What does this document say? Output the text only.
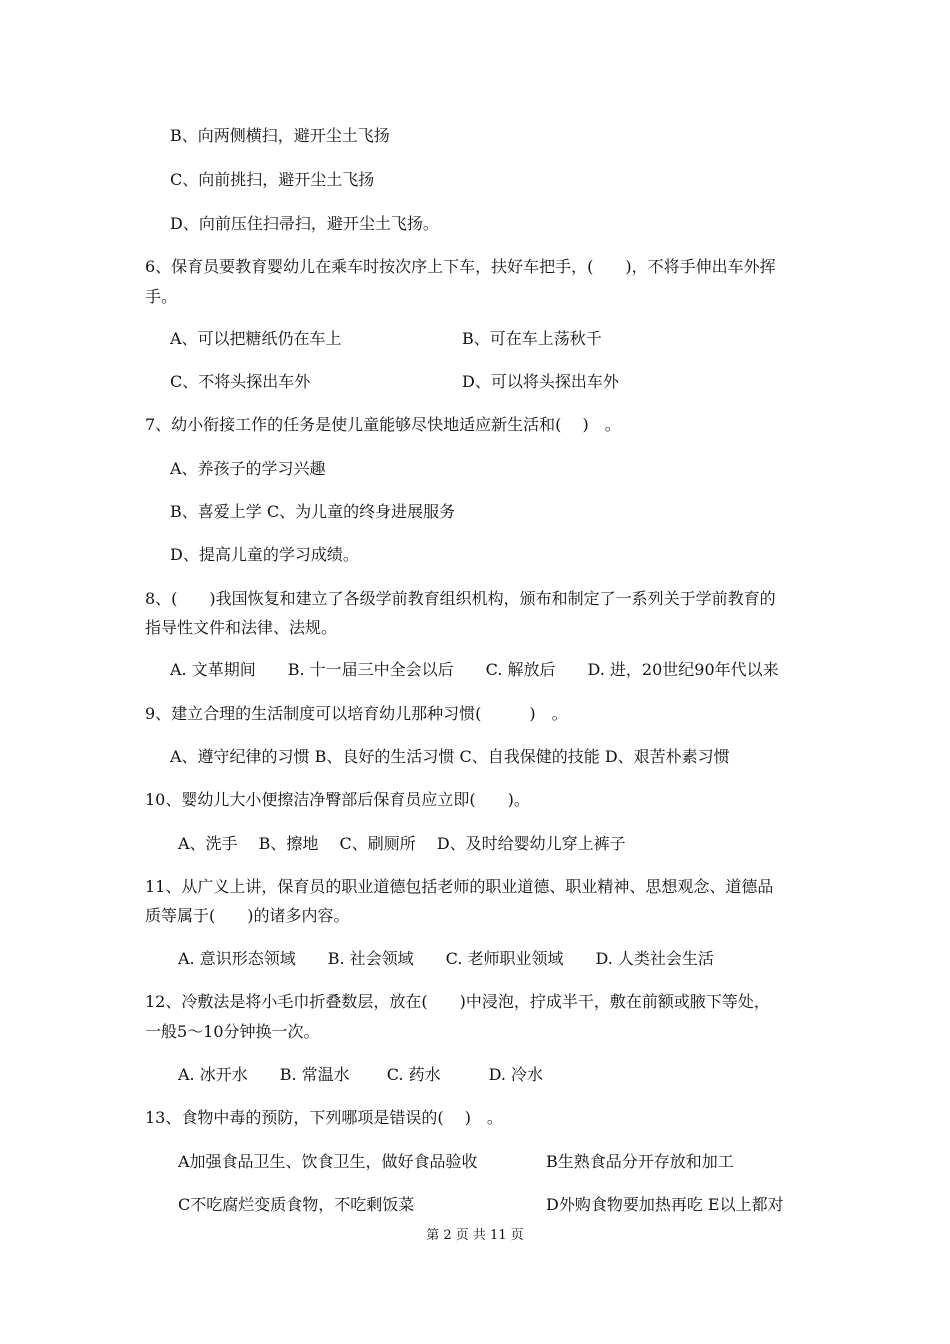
B、向两侧横扫，避开尘土飞扬

C、向前挑扫，避开尘土飞扬

D、向前压住扫帚扫，避开尘土飞扬。

6、保育员要教育婴幼儿在乘车时按次序上下车，扶好车把手，(　　)，不将手伸出车外挥

手。

A、可以把糖纸仍在车上	B、可在车上荡秋千

C、不将头探出车外	D、可以将头探出车外

7、幼小衔接工作的任务是使儿童能够尽快地适应新生活和(　 )　。

A、养孩子的学习兴趣

B、喜爱上学 C、为儿童的终身进展服务

D、提高儿童的学习成绩。

8、(　　)我国恢复和建立了各级学前教育组织机构，颁布和制定了一系列关于学前教育的

指导性文件和法律、法规。

A. 文革期间　　B. 十一届三中全会以后　　C. 解放后　　D. 进，20世纪90年代以来

9、建立合理的生活制度可以培育幼儿那种习惯(　　　)　。

A、遵守纪律的习惯 B、良好的生活习惯 C、自我保健的技能 D、艰苦朴素习惯

10、婴幼儿大小便擦洁净臀部后保育员应立即(　　)。

A、洗手　 B、擦地　 C、刷厕所　 D、及时给婴幼儿穿上裤子

11、从广义上讲，保育员的职业道德包括老师的职业道德、职业精神、思想观念、道德品

质等属于(　　)的诸多内容。

A. 意识形态领域　　B. 社会领域　　C. 老师职业领域　　D. 人类社会生活

12、冷敷法是将小毛巾折叠数层，放在(　　)中浸泡，拧成半干，敷在前额或腋下等处，

一般5～10分钟换一次。

A. 冰开水　　B. 常温水　　 C. 药水　　　D. 冷水

13、食物中毒的预防，下列哪项是错误的(　 )　。

A加强食品卫生、饮食卫生，做好食品验收	B生熟食品分开存放和加工

C不吃腐烂变质食物，不吃剩饭菜	D外购食物要加热再吃 E以上都对

第 2 页 共 11 页
